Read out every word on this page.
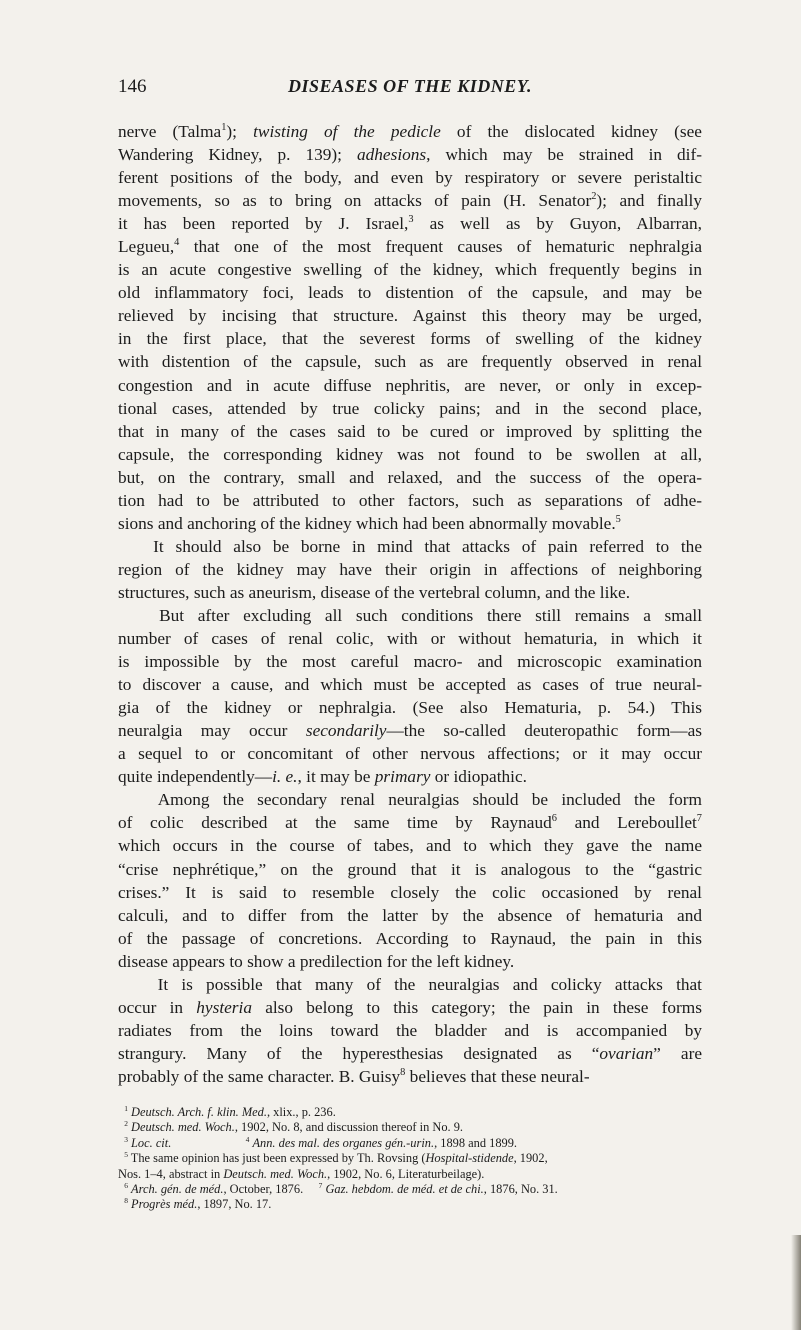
146	DISEASES OF THE KIDNEY.
nerve (Talma$^1$); twisting of the pedicle of the dislocated kidney (see
Wandering Kidney, p. 139); adhesions, which may be strained in dif-
ferent positions of the body, and even by respiratory or severe peristaltic
movements, so as to bring on attacks of pain (H. Senator$^2$); and finally
it has been reported by J. Israel,$^3$ as well as by Guyon, Albarran,
Legueu,$^4$ that one of the most frequent causes of hematuric nephralgia
is an acute congestive swelling of the kidney, which frequently begins in
old inflammatory foci, leads to distention of the capsule, and may be
relieved by incising that structure. Against this theory may be urged,
in the first place, that the severest forms of swelling of the kidney
with distention of the capsule, such as are frequently observed in renal
congestion and in acute diffuse nephritis, are never, or only in excep-
tional cases, attended by true colicky pains; and in the second place,
that in many of the cases said to be cured or improved by splitting the
capsule, the corresponding kidney was not found to be swollen at all,
but, on the contrary, small and relaxed, and the success of the opera-
tion had to be attributed to other factors, such as separations of adhe-
sions and anchoring of the kidney which had been abnormally movable.$^5$
It should also be borne in mind that attacks of pain referred to the
region of the kidney may have their origin in affections of neighboring
structures, such as aneurism, disease of the vertebral column, and the like.
But after excluding all such conditions there still remains a small
number of cases of renal colic, with or without hematuria, in which it
is impossible by the most careful macro- and microscopic examination
to discover a cause, and which must be accepted as cases of true neural-
gia of the kidney or nephralgia. (See also Hematuria, p. 54.) This
neuralgia may occur secondarily—the so-called deuteropathic form—as
a sequel to or concomitant of other nervous affections; or it may occur
quite independently—i. e., it may be primary or idiopathic.
Among the secondary renal neuralgias should be included the form
of colic described at the same time by Raynaud$^6$ and Lereboullet$^7$
which occurs in the course of tabes, and to which they gave the name
“crise nephrétique,” on the ground that it is analogous to the “gastric
crises.” It is said to resemble closely the colic occasioned by renal
calculi, and to differ from the latter by the absence of hematuria and
of the passage of concretions. According to Raynaud, the pain in this
disease appears to show a predilection for the left kidney.
It is possible that many of the neuralgias and colicky attacks that
occur in hysteria also belong to this category; the pain in these forms
radiates from the loins toward the bladder and is accompanied by
strangury. Many of the hyperesthesias designated as “ovarian” are
probably of the same character. B. Guisy$^8$ believes that these neural-
$^1$ Deutsch. Arch. f. klin. Med., xlix., p. 236.
$^2$ Deutsch. med. Woch., 1902, No. 8, and discussion thereof in No. 9.
$^3$ Loc. cit.	$^4$ Ann. des mal. des organes gén.-urin., 1898 and 1899.
$^5$ The same opinion has just been expressed by Th. Rovsing (Hospital-stidende, 1902,
Nos. 1–4, abstract in Deutsch. med. Woch., 1902, No. 6, Literaturbeilage).
$^6$ Arch. gén. de méd., October, 1876.     $^7$ Gaz. hebdom. de méd. et de chi., 1876, No. 31.
$^8$ Progrès méd., 1897, No. 17.
